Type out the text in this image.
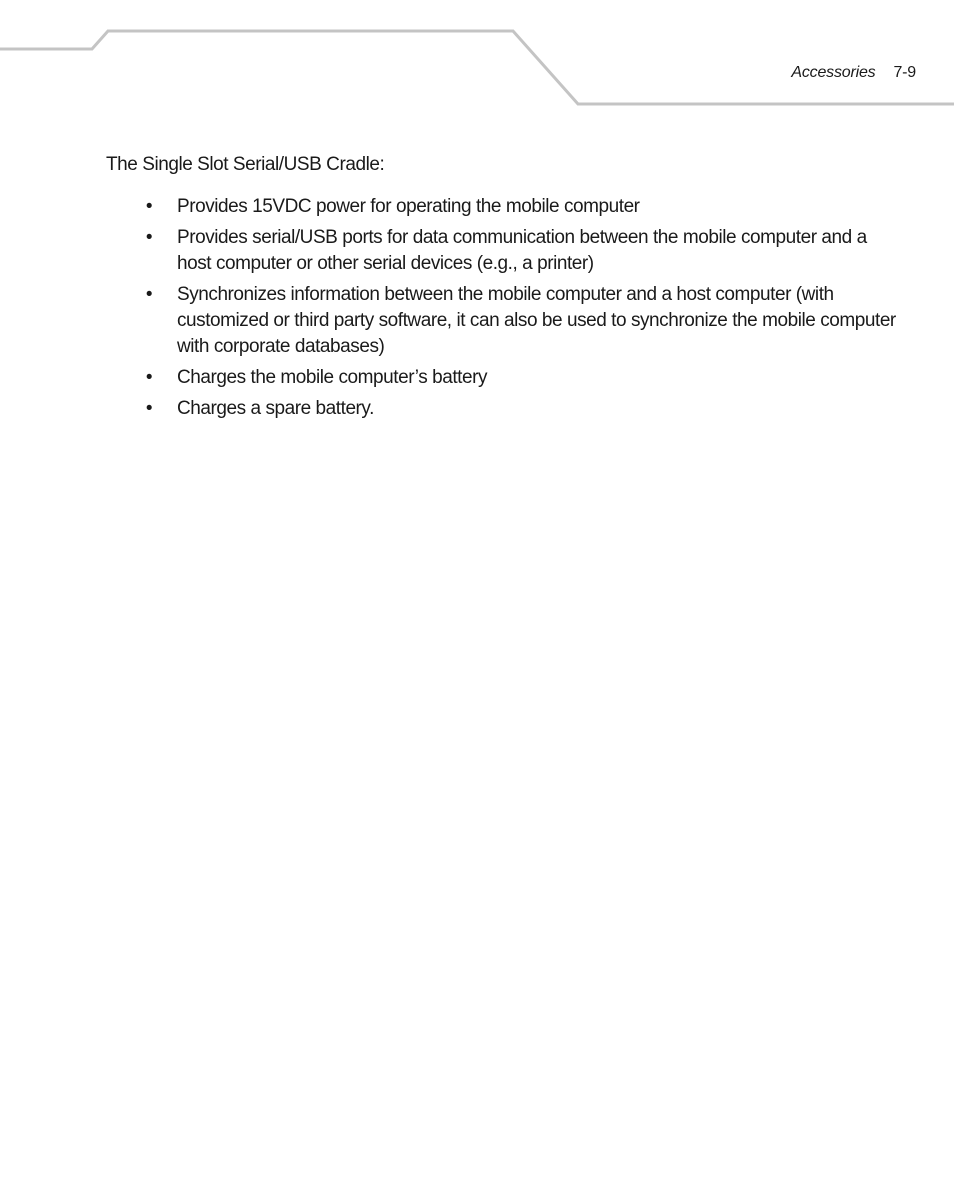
Accessories 7-9

The Single Slot Serial/USB Cradle:

• Provides 15VDC power for operating the mobile computer
• Provides serial/USB ports for data communication between the mobile computer and a host computer or other serial devices (e.g., a printer)
• Synchronizes information between the mobile computer and a host computer (with customized or third party software, it can also be used to synchronize the mobile computer with corporate databases)
• Charges the mobile computer’s battery
• Charges a spare battery.
